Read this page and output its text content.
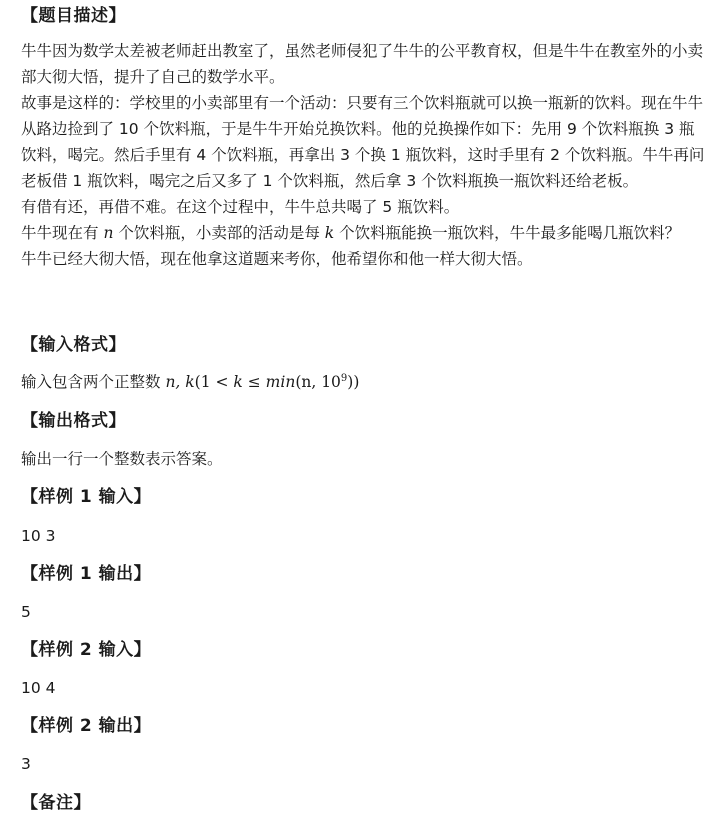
【题目描述】

牛牛因为数学太差被老师赶出教室了，虽然老师侵犯了牛牛的公平教育权，但是牛牛在教室外的小卖部大彻大悟，提升了自己的数学水平。

故事是这样的：学校里的小卖部里有一个活动：只要有三个饮料瓶就可以换一瓶新的饮料。现在牛牛从路边捡到了 10 个饮料瓶，于是牛牛开始兑换饮料。他的兑换操作如下：先用 9 个饮料瓶换 3 瓶饮料，喝完。然后手里有 4 个饮料瓶，再拿出 3 个换 1 瓶饮料，这时手里有 2 个饮料瓶。牛牛再问老板借 1 瓶饮料，喝完之后又多了 1 个饮料瓶，然后拿 3 个饮料瓶换一瓶饮料还给老板。

有借有还，再借不难。在这个过程中，牛牛总共喝了 5 瓶饮料。

牛牛现在有 n 个饮料瓶，小卖部的活动是每 k 个饮料瓶能换一瓶饮料，牛牛最多能喝几瓶饮料？

牛牛已经大彻大悟，现在他拿这道题来考你，他希望你和他一样大彻大悟。

【输入格式】

输入包含两个正整数 n, k(1 < k ≤ min(n, $10^9$))

【输出格式】

输出一行一个整数表示答案。

【样例 1 输入】

10 3

【样例 1 输出】

5

【样例 2 输入】

10 4

【样例 2 输出】

3

【备注】
